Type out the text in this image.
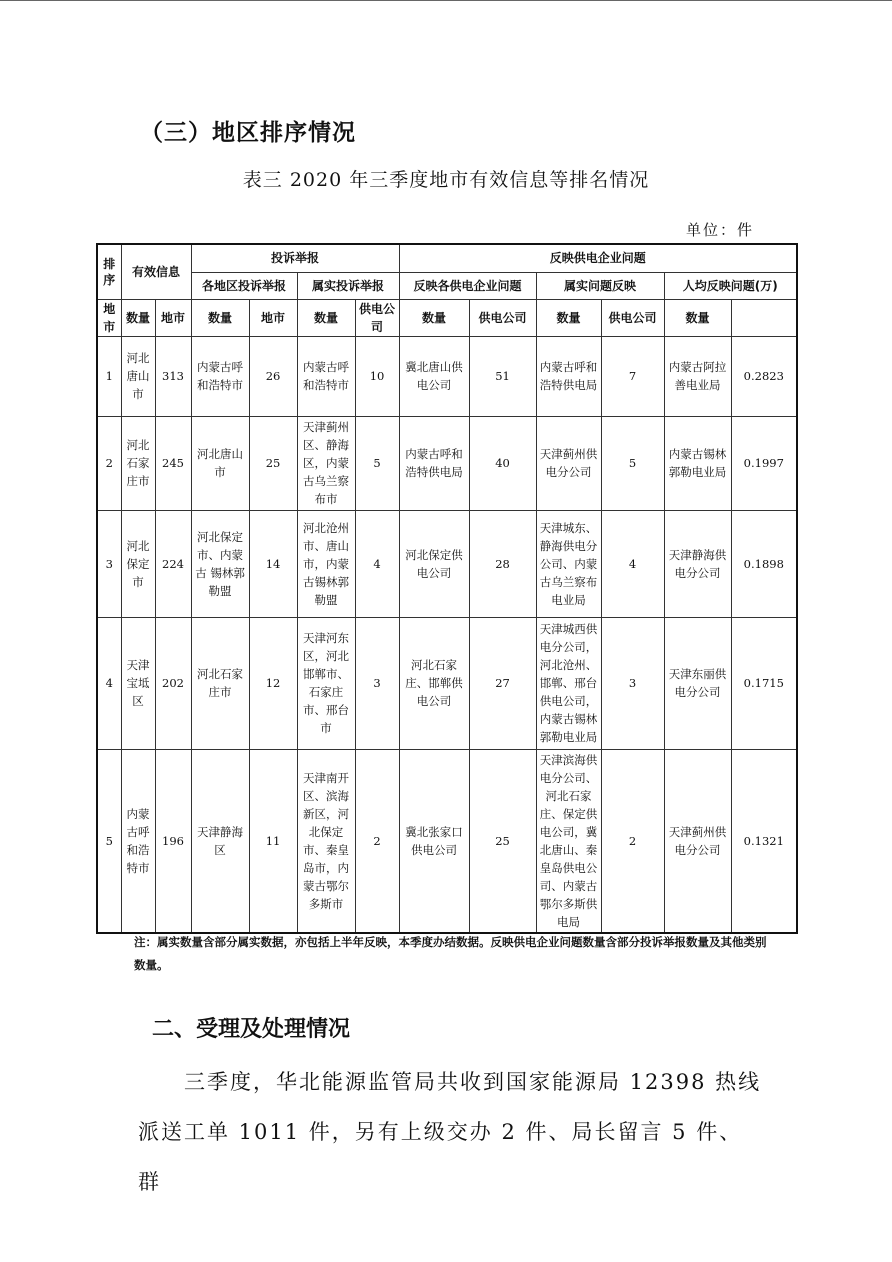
（三）地区排序情况
表三 2020 年三季度地市有效信息等排名情况
单位：件
排序	有效信息		投诉举报				反映供电企业问题					
			各地区投诉举报		属实投诉举报		反映各供电企业问题		属实问题反映		人均反映问题(万)	
地市	数量	地市	数量	地市	数量	供电公司	数量	供电公司	数量	供电公司	数量	
1	河北唐山市	313	内蒙古呼和浩特市	26	内蒙古呼和浩特市	10	冀北唐山供电公司	51	内蒙古呼和浩特供电局	7	内蒙古阿拉善电业局	0.2823
2	河北石家庄市	245	河北唐山市	25	天津蓟州区、静海区，内蒙古乌兰察布市	5	内蒙古呼和浩特供电局	40	天津蓟州供电分公司	5	内蒙古锡林郭勒电业局	0.1997
3	河北保定市	224	河北保定市、内蒙古 锡林郭勒盟	14	河北沧州市、唐山市，内蒙古锡林郭勒盟	4	河北保定供电公司	28	天津城东、静海供电分公司、内蒙古乌兰察布电业局	4	天津静海供电分公司	0.1898
4	天津宝坻区	202	河北石家庄市	12	天津河东区，河北邯郸市、石家庄市、邢台市	3	河北石家庄、邯郸供电公司	27	天津城西供电分公司，河北沧州、邯郸、邢台供电公司，内蒙古锡林郭勒电业局	3	天津东丽供电分公司	0.1715
5	内蒙古呼和浩特市	196	天津静海区	11	天津南开区、滨海新区，河北保定市、秦皇岛市，内蒙古鄂尔多斯市	2	冀北张家口供电公司	25	天津滨海供电分公司、河北石家庄、保定供电公司，冀北唐山、秦皇岛供电公司、内蒙古鄂尔多斯供电局	2	天津蓟州供电分公司	0.1321
注：属实数量含部分属实数据，亦包括上半年反映，本季度办结数据。反映供电企业问题数量含部分投诉举报数量及其他类别数量。
二、受理及处理情况
三季度，华北能源监管局共收到国家能源局 12398 热线派送工单 1011 件，另有上级交办 2 件、局长留言 5 件、群
